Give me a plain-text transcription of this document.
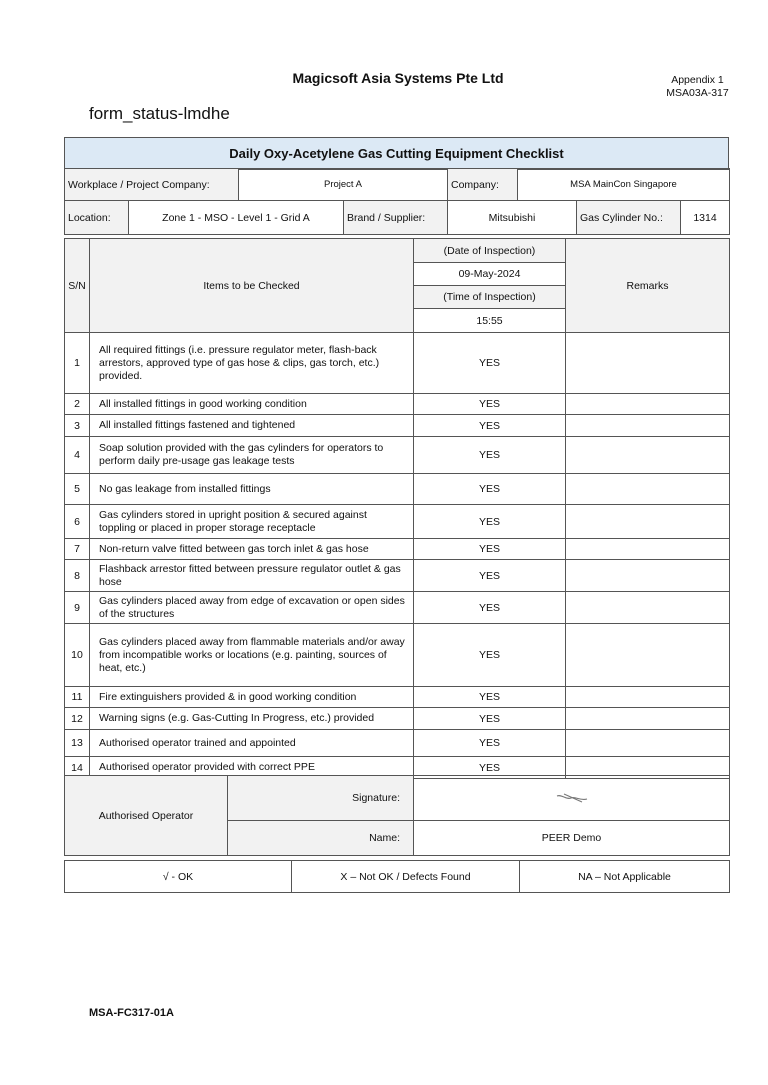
Magicsoft Asia Systems Pte Ltd	Appendix 1
MSA03A-317
form_status-lmdhe
Daily Oxy-Acetylene Gas Cutting Equipment Checklist
Workplace / Project Company:	Project A	Company:	MSA MainCon Singapore
Location:	Zone 1 - MSO - Level 1 - Grid A	Brand / Supplier:	Mitsubishi	Gas Cylinder No.:	1314
S/N	Items to be Checked	(Date of Inspection)	Remarks
		09-May-2024	
		(Time of Inspection)	
		15:55	
1	All required fittings (i.e. pressure regulator meter, flash-back arrestors, approved type of gas hose & clips, gas torch, etc.) provided.	YES	
2	All installed fittings in good working condition	YES	
3	All installed fittings fastened and tightened	YES	
4	Soap solution provided with the gas cylinders for operators to perform daily pre-usage gas leakage tests	YES	
5	No gas leakage from installed fittings	YES	
6	Gas cylinders stored in upright position & secured against toppling or placed in proper storage receptacle	YES	
7	Non-return valve fitted between gas torch inlet & gas hose	YES	
8	Flashback arrestor fitted between pressure regulator outlet & gas hose	YES	
9	Gas cylinders placed away from edge of excavation or open sides of the structures	YES	
10	Gas cylinders placed away from flammable materials and/or away from incompatible works or locations (e.g. painting, sources of heat, etc.)	YES	
11	Fire extinguishers provided & in good working condition	YES	
12	Warning signs (e.g. Gas-Cutting In Progress, etc.) provided	YES	
13	Authorised operator trained and appointed	YES	
14	Authorised operator provided with correct PPE	YES	
Authorised Operator	Signature:	
	Name:	PEER Demo
√ - OK	X – Not OK / Defects Found	NA – Not Applicable
MSA-FC317-01A
